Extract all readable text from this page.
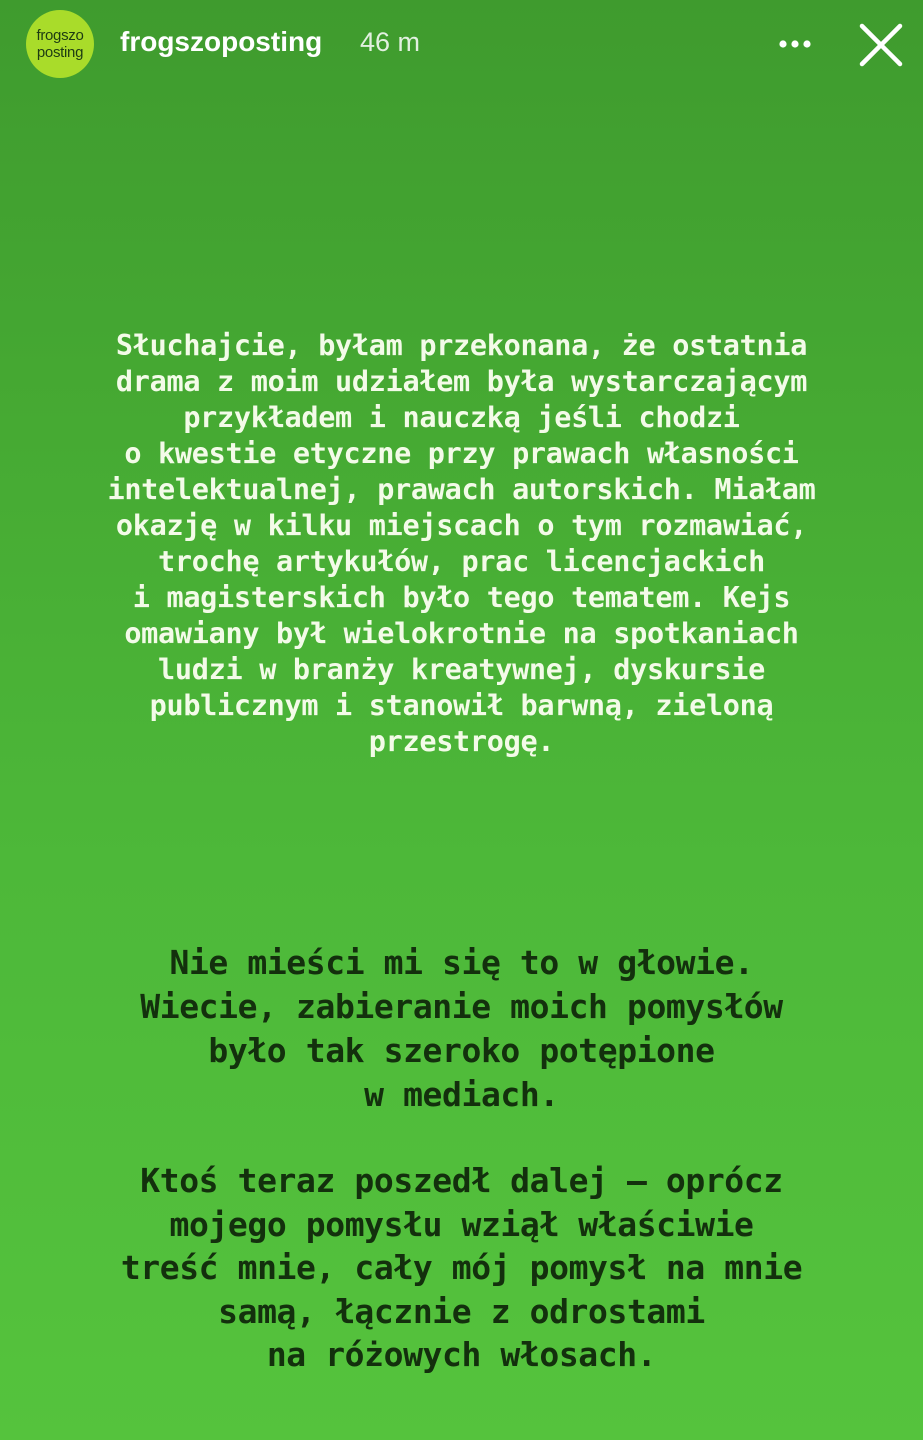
frogszo
posting frogszoposting 46 m

Słuchajcie, byłam przekonana, że ostatnia
drama z moim udziałem była wystarczającym
przykładem i nauczką jeśli chodzi
o kwestie etyczne przy prawach własności
intelektualnej, prawach autorskich. Miałam
okazję w kilku miejscach o tym rozmawiać,
trochę artykułów, prac licencjackich
i magisterskich było tego tematem. Kejs
omawiany był wielokrotnie na spotkaniach
ludzi w branży kreatywnej, dyskursie
publicznym i stanowił barwną, zieloną
przestrogę.

Nie mieści mi się to w głowie.
Wiecie, zabieranie moich pomysłów
było tak szeroko potępione
w mediach.

Ktoś teraz poszedł dalej – oprócz
mojego pomysłu wziął właściwie
treść mnie, cały mój pomysł na mnie
samą, łącznie z odrostami
na różowych włosach.
